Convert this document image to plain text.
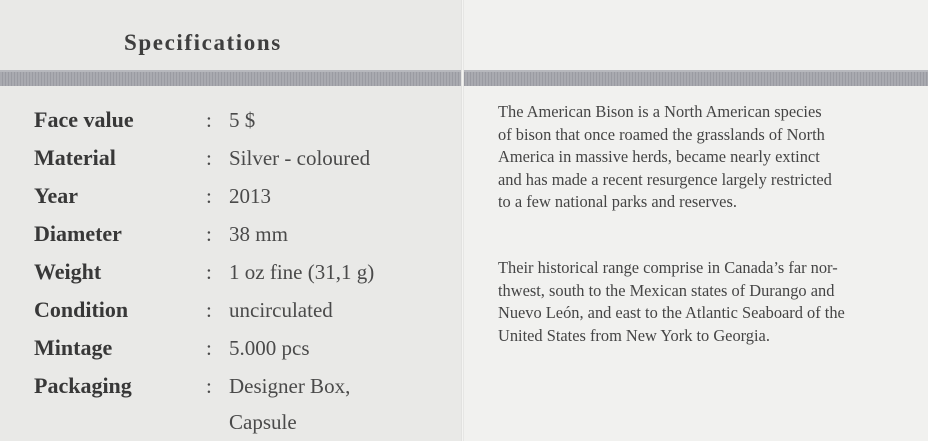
Specifications
Face value	: 5 $
Material	: Silver - coloured
Year	: 2013
Diameter	: 38 mm
Weight	: 1 oz fine (31,1 g)
Condition	: uncirculated
Mintage	: 5.000 pcs
Packaging	: Designer Box,
Capsule

The American Bison is a North American species
of bison that once roamed the grasslands of North
America in massive herds, became nearly extinct
and has made a recent resurgence largely restricted
to a few national parks and reserves.

Their historical range comprise in Canada’s far nor-
thwest, south to the Mexican states of Durango and
Nuevo León, and east to the Atlantic Seaboard of the
United States from New York to Georgia.
